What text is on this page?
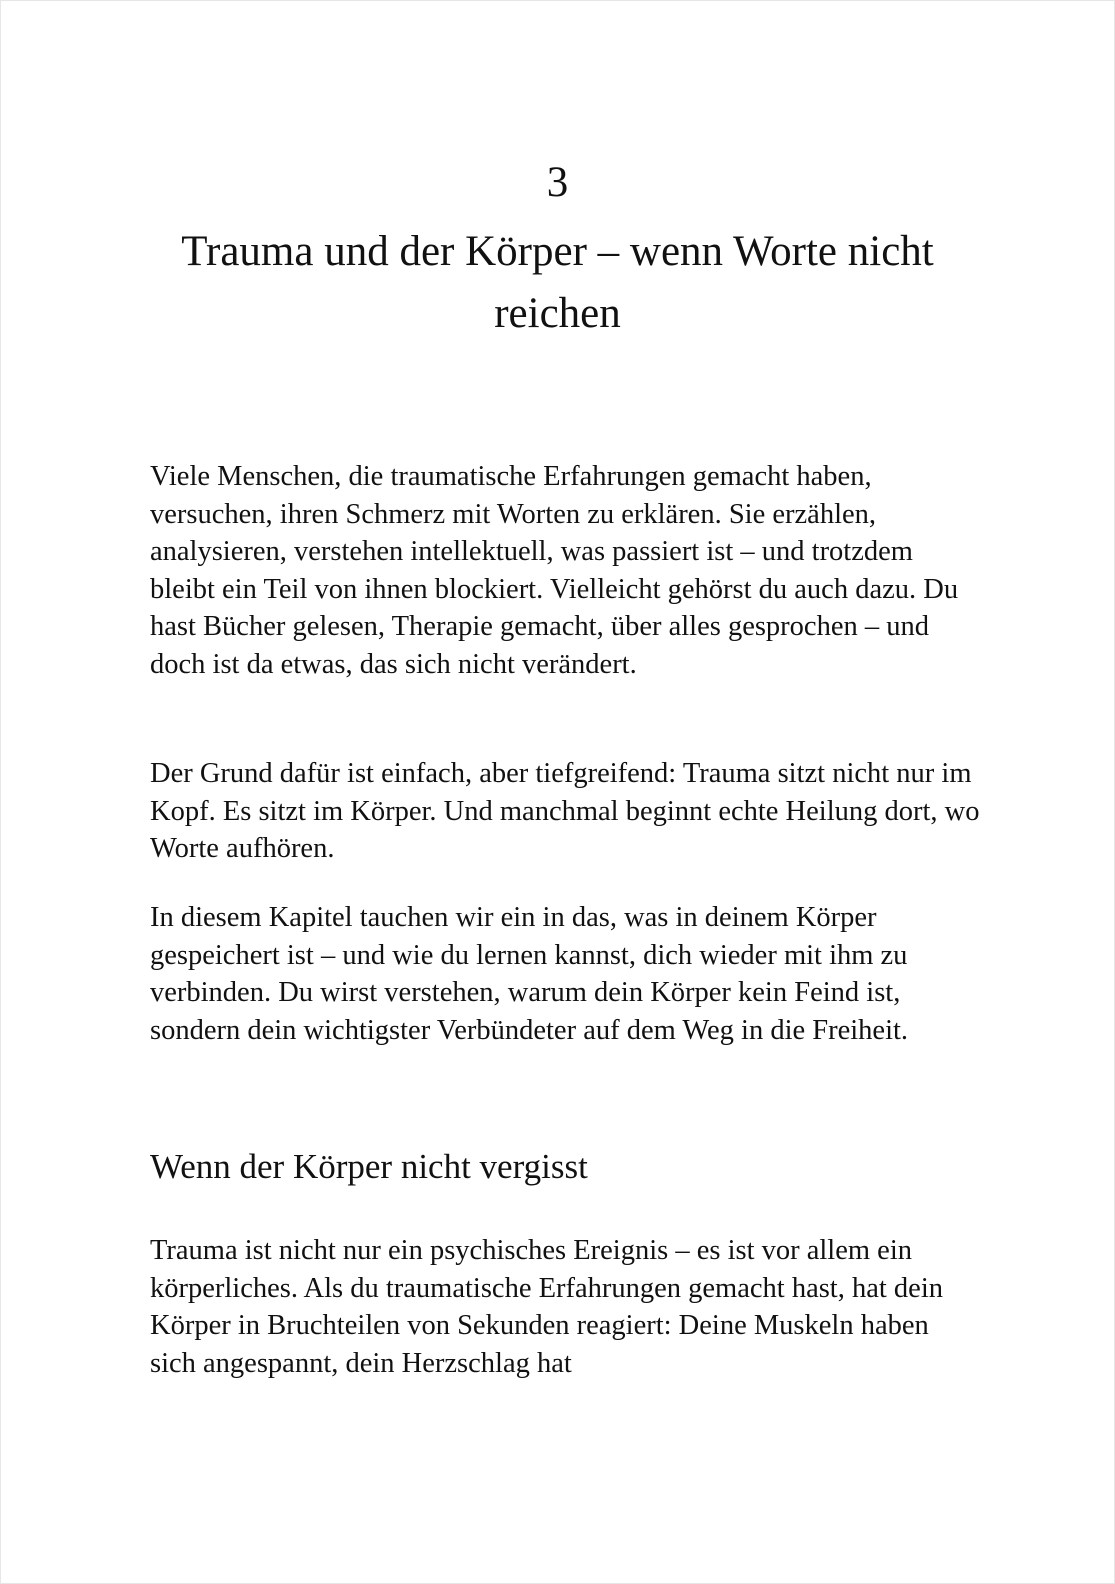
3
Trauma und der Körper – wenn Worte nicht reichen

Viele Menschen, die traumatische Erfahrungen gemacht haben, versuchen, ihren Schmerz mit Worten zu erklären. Sie erzählen, analysieren, verstehen intellektuell, was passiert ist – und trotzdem bleibt ein Teil von ihnen blockiert. Vielleicht gehörst du auch dazu. Du hast Bücher gelesen, Therapie gemacht, über alles gesprochen – und doch ist da etwas, das sich nicht verändert.

Der Grund dafür ist einfach, aber tiefgreifend: Trauma sitzt nicht nur im Kopf. Es sitzt im Körper. Und manchmal beginnt echte Heilung dort, wo Worte aufhören.

In diesem Kapitel tauchen wir ein in das, was in deinem Körper gespeichert ist – und wie du lernen kannst, dich wieder mit ihm zu verbinden. Du wirst verstehen, warum dein Körper kein Feind ist, sondern dein wichtigster Verbündeter auf dem Weg in die Freiheit.

Wenn der Körper nicht vergisst

Trauma ist nicht nur ein psychisches Ereignis – es ist vor allem ein körperliches. Als du traumatische Erfahrungen gemacht hast, hat dein Körper in Bruchteilen von Sekunden reagiert: Deine Muskeln haben sich angespannt, dein Herzschlag hat
